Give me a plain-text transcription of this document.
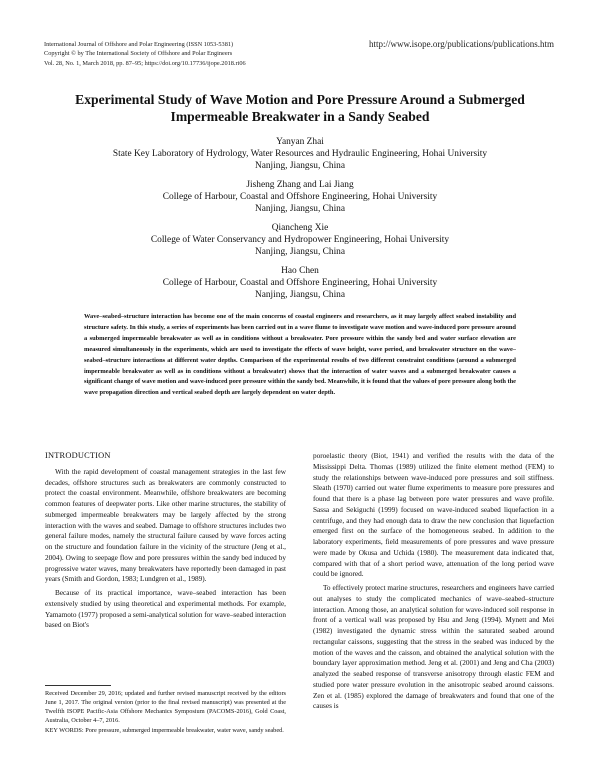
International Journal of Offshore and Polar Engineering (ISSN 1053-5381)
Copyright © by The International Society of Offshore and Polar Engineers
Vol. 28, No. 1, March 2018, pp. 87–95; https://doi.org/10.17736/ijope.2018.ri06
http://www.isope.org/publications/publications.htm
Experimental Study of Wave Motion and Pore Pressure Around a Submerged Impermeable Breakwater in a Sandy Seabed
Yanyan Zhai
State Key Laboratory of Hydrology, Water Resources and Hydraulic Engineering, Hohai University
Nanjing, Jiangsu, China
Jisheng Zhang and Lai Jiang
College of Harbour, Coastal and Offshore Engineering, Hohai University
Nanjing, Jiangsu, China
Qiancheng Xie
College of Water Conservancy and Hydropower Engineering, Hohai University
Nanjing, Jiangsu, China
Hao Chen
College of Harbour, Coastal and Offshore Engineering, Hohai University
Nanjing, Jiangsu, China

Wave–seabed–structure interaction has become one of the main concerns of coastal engineers and researchers, as it may largely affect seabed instability and structure safety. In this study, a series of experiments has been carried out in a wave flume to investigate wave motion and wave-induced pore pressure around a submerged impermeable breakwater as well as in conditions without a breakwater. Pore pressure within the sandy bed and water surface elevation are measured simultaneously in the experiments, which are used to investigate the effects of wave height, wave period, and breakwater structure on the wave–seabed–structure interactions at different water depths. Comparison of the experimental results of two different constraint conditions (around a submerged impermeable breakwater as well as in conditions without a breakwater) shows that the interaction of water waves and a submerged breakwater causes a significant change of wave motion and wave-induced pore pressure within the sandy bed. Meanwhile, it is found that the values of pore pressure along both the wave propagation direction and vertical seabed depth are largely dependent on water depth.

INTRODUCTION

With the rapid development of coastal management strategies in the last few decades, offshore structures such as breakwaters are commonly constructed to protect the coastal environment. Meanwhile, offshore breakwaters are becoming common features of deepwater ports. Like other marine structures, the stability of submerged impermeable breakwaters may be largely affected by the strong interaction with the waves and seabed. Damage to offshore structures includes two general failure modes, namely the structural failure caused by wave forces acting on the structure and foundation failure in the vicinity of the structure (Jeng et al., 2004). Owing to seepage flow and pore pressures within the sandy bed induced by progressive water waves, many breakwaters have reportedly been damaged in past years (Smith and Gordon, 1983; Lundgren et al., 1989).

Because of its practical importance, wave–seabed interaction has been extensively studied by using theoretical and experimental methods. For example, Yamamoto (1977) proposed a semi-analytical solution for wave–seabed interaction based on Biot's

poroelastic theory (Biot, 1941) and verified the results with the data of the Mississippi Delta. Thomas (1989) utilized the finite element method (FEM) to study the relationships between wave-induced pore pressures and soil stiffness. Sleath (1970) carried out water flume experiments to measure pore pressures and found that there is a phase lag between pore water pressures and wave profile. Sassa and Sekiguchi (1999) focused on wave-induced seabed liquefaction in a centrifuge, and they had enough data to draw the new conclusion that liquefaction emerged first on the surface of the homogeneous seabed. In addition to the laboratory experiments, field measurements of pore pressures and wave pressure were made by Okusa and Uchida (1980). The measurement data indicated that, compared with that of a short period wave, attenuation of the long period wave could be ignored.

To effectively protect marine structures, researchers and engineers have carried out analyses to study the complicated mechanics of wave–seabed–structure interaction. Among those, an analytical solution for wave-induced soil response in front of a vertical wall was proposed by Hsu and Jeng (1994). Mynett and Mei (1982) investigated the dynamic stress within the saturated seabed around rectangular caissons, suggesting that the stress in the seabed was induced by the motion of the waves and the caisson, and obtained the analytical solution with the boundary layer approximation method. Jeng et al. (2001) and Jeng and Cha (2003) analyzed the seabed response of transverse anisotropy through elastic FEM and studied pore water pressure evolution in the anisotropic seabed around caissons. Zen et al. (1985) explored the damage of breakwaters and found that one of the causes is

Received December 29, 2016; updated and further revised manuscript received by the editors June 1, 2017. The original version (prior to the final revised manuscript) was presented at the Twelfth ISOPE Pacific-Asia Offshore Mechanics Symposium (PACOMS-2016), Gold Coast, Australia, October 4–7, 2016.

KEY WORDS: Pore pressure, submerged impermeable breakwater, water wave, sandy seabed.
